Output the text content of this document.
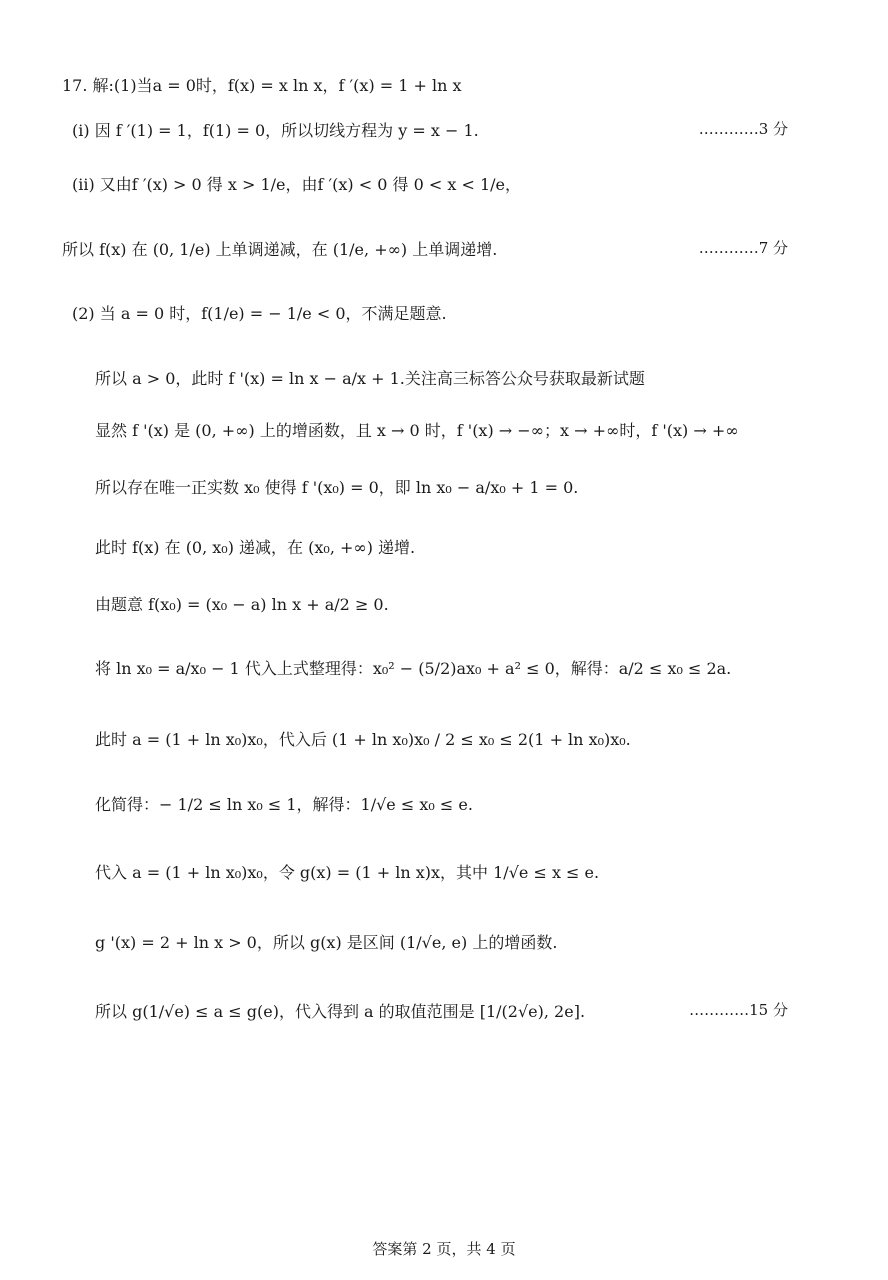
17. 解:(1)当a = 0时，f(x) = x ln x，f ′(x) = 1 + ln x
(i) 因 f ′(1) = 1，f(1) = 0，所以切线方程为 y = x − 1.	…………3 分
(ii) 又由f ′(x) > 0 得 x > 1/e，由f ′(x) < 0 得 0 < x < 1/e，
所以 f(x) 在 (0, 1/e) 上单调递减，在 (1/e, +∞) 上单调递增.	…………7 分
(2) 当 a = 0 时，f(1/e) = − 1/e < 0，不满足题意.
所以 a > 0，此时 f '(x) = ln x − a/x + 1.关注高三标答公众号获取最新试题
显然 f '(x) 是 (0, +∞) 上的增函数，且 x → 0 时，f '(x) → −∞；x → +∞时，f '(x) → +∞
所以存在唯一正实数 x₀ 使得 f '(x₀) = 0，即 ln x₀ − a/x₀ + 1 = 0.
此时 f(x) 在 (0, x₀) 递减，在 (x₀, +∞) 递增.
由题意 f(x₀) = (x₀ − a) ln x + a/2 ≥ 0.
将 ln x₀ = a/x₀ − 1 代入上式整理得：x₀² − (5/2)ax₀ + a² ≤ 0，解得：a/2 ≤ x₀ ≤ 2a.
此时 a = (1 + ln x₀)x₀，代入后 (1 + ln x₀)x₀ / 2 ≤ x₀ ≤ 2(1 + ln x₀)x₀.
化简得：− 1/2 ≤ ln x₀ ≤ 1，解得：1/√e ≤ x₀ ≤ e.
代入 a = (1 + ln x₀)x₀，令 g(x) = (1 + ln x)x，其中 1/√e ≤ x ≤ e.
g '(x) = 2 + ln x > 0，所以 g(x) 是区间 (1/√e, e) 上的增函数.
所以 g(1/√e) ≤ a ≤ g(e)，代入得到 a 的取值范围是 [1/(2√e), 2e].	…………15 分
答案第 2 页，共 4 页
